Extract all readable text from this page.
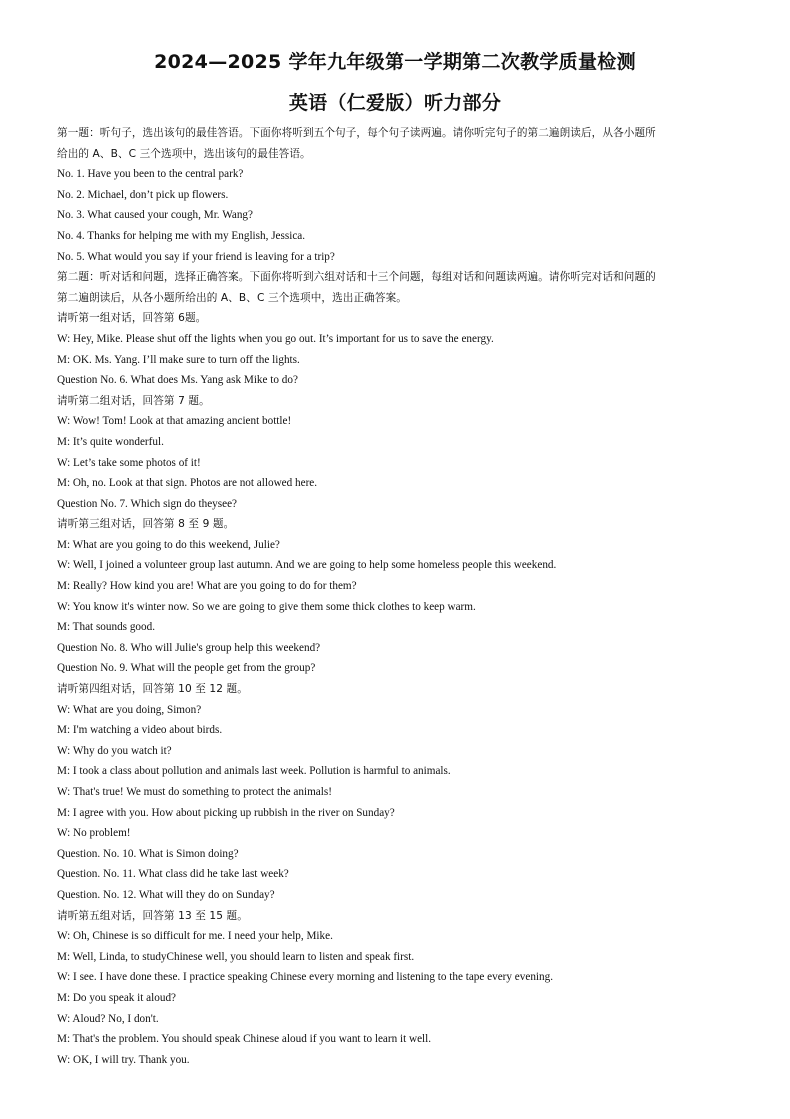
2024—2025 学年九年级第一学期第二次教学质量检测
英语（仁爱版）听力部分
第一题：听句子，选出该句的最佳答语。下面你将听到五个句子，每个句子读两遍。请你听完句子的第二遍朗读后，从各小题所
给出的 A、B、C 三个选项中，选出该句的最佳答语。
No. 1. Have you been to the central park?
No. 2. Michael, don’t pick up flowers.
No. 3. What caused your cough, Mr. Wang?
No. 4. Thanks for helping me with my English, Jessica.
No. 5. What would you say if your friend is leaving for a trip?
第二题：听对话和问题，选择正确答案。下面你将听到六组对话和十三个问题，每组对话和问题读两遍。请你听完对话和问题的
第二遍朗读后，从各小题所给出的 A、B、C 三个选项中，选出正确答案。
请听第一组对话，回答第 6题。
W: Hey, Mike. Please shut off the lights when you go out. It’s important for us to save the energy.
M: OK. Ms. Yang. I’ll make sure to turn off the lights.
Question No. 6. What does Ms. Yang ask Mike to do?
请听第二组对话，回答第 7 题。
W: Wow! Tom! Look at that amazing ancient bottle!
M: It’s quite wonderful.
W: Let’s take some photos of it!
M: Oh, no. Look at that sign. Photos are not allowed here.
Question No. 7. Which sign do theysee?
请听第三组对话，回答第 8 至 9 题。
M: What are you going to do this weekend, Julie?
W: Well, I joined a volunteer group last autumn. And we are going to help some homeless people this weekend.
M: Really? How kind you are! What are you going to do for them?
W: You know it's winter now. So we are going to give them some thick clothes to keep warm.
M: That sounds good.
Question No. 8. Who will Julie's group help this weekend?
Question No. 9. What will the people get from the group?
请听第四组对话，回答第 10 至 12 题。
W: What are you doing, Simon?
M: I'm watching a video about birds.
W: Why do you watch it?
M: I took a class about pollution and animals last week. Pollution is harmful to animals.
W: That's true! We must do something to protect the animals!
M: I agree with you. How about picking up rubbish in the river on Sunday?
W: No problem!
Question. No. 10. What is Simon doing?
Question. No. 11. What class did he take last week?
Question. No. 12. What will they do on Sunday?
请听第五组对话，回答第 13 至 15 题。
W: Oh, Chinese is so difficult for me. I need your help, Mike.
M: Well, Linda, to studyChinese well, you should learn to listen and speak first.
W: I see. I have done these. I practice speaking Chinese every morning and listening to the tape every evening.
M: Do you speak it aloud?
W: Aloud? No, I don't.
M: That's the problem. You should speak Chinese aloud if you want to learn it well.
W: OK, I will try. Thank you.
